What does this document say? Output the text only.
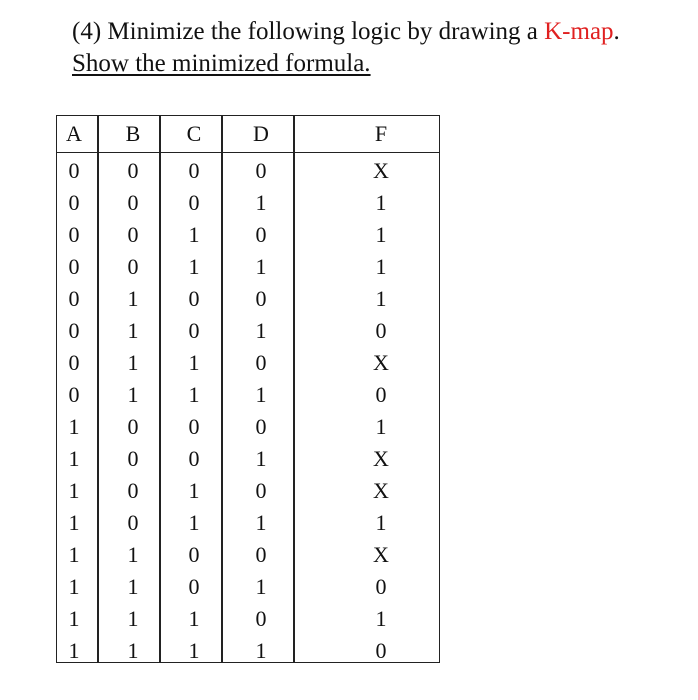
(4) Minimize the following logic by drawing a K-map.
Show the minimized formula.
A	B	C	D	F
0	0	0	0	X
0	0	0	1	1
0	0	1	0	1
0	0	1	1	1
0	1	0	0	1
0	1	0	1	0
0	1	1	0	X
0	1	1	1	0
1	0	0	0	1
1	0	0	1	X
1	0	1	0	X
1	0	1	1	1
1	1	0	0	X
1	1	0	1	0
1	1	1	0	1
1	1	1	1	0
